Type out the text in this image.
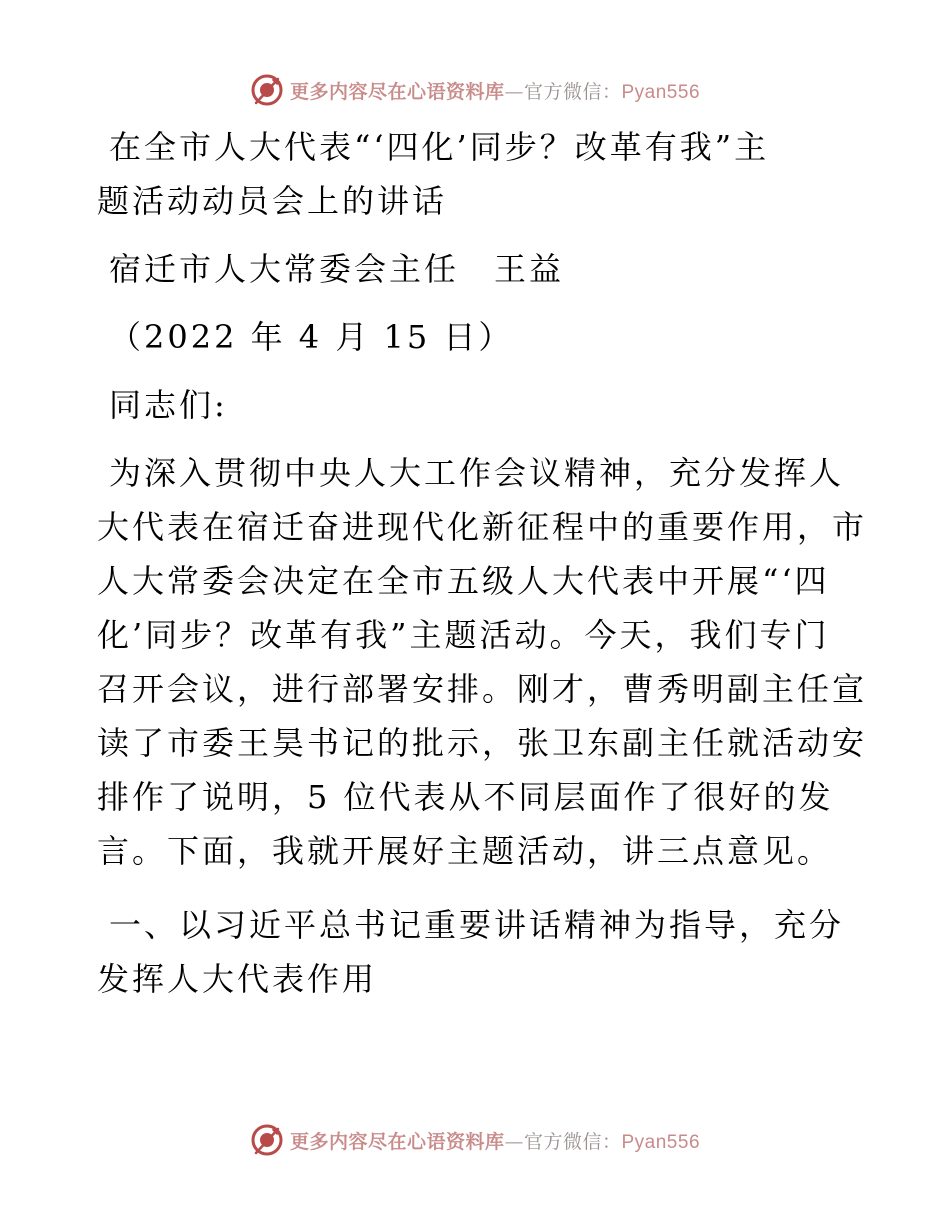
更多内容尽在心语资料库—官方微信：Pyan556
在全市人大代表“‘四化’同步？改革有我”主
题活动动员会上的讲话
宿迁市人大常委会主任　王益
（2022 年 4 月 15 日）
同志们:
为深入贯彻中央人大工作会议精神，充分发挥人
大代表在宿迁奋进现代化新征程中的重要作用，市
人大常委会决定在全市五级人大代表中开展“‘四
化’同步？改革有我”主题活动。今天，我们专门
召开会议，进行部署安排。刚才，曹秀明副主任宣
读了市委王昊书记的批示，张卫东副主任就活动安
排作了说明，5 位代表从不同层面作了很好的发
言。下面，我就开展好主题活动，讲三点意见。
一、以习近平总书记重要讲话精神为指导，充分
发挥人大代表作用
更多内容尽在心语资料库—官方微信：Pyan556
